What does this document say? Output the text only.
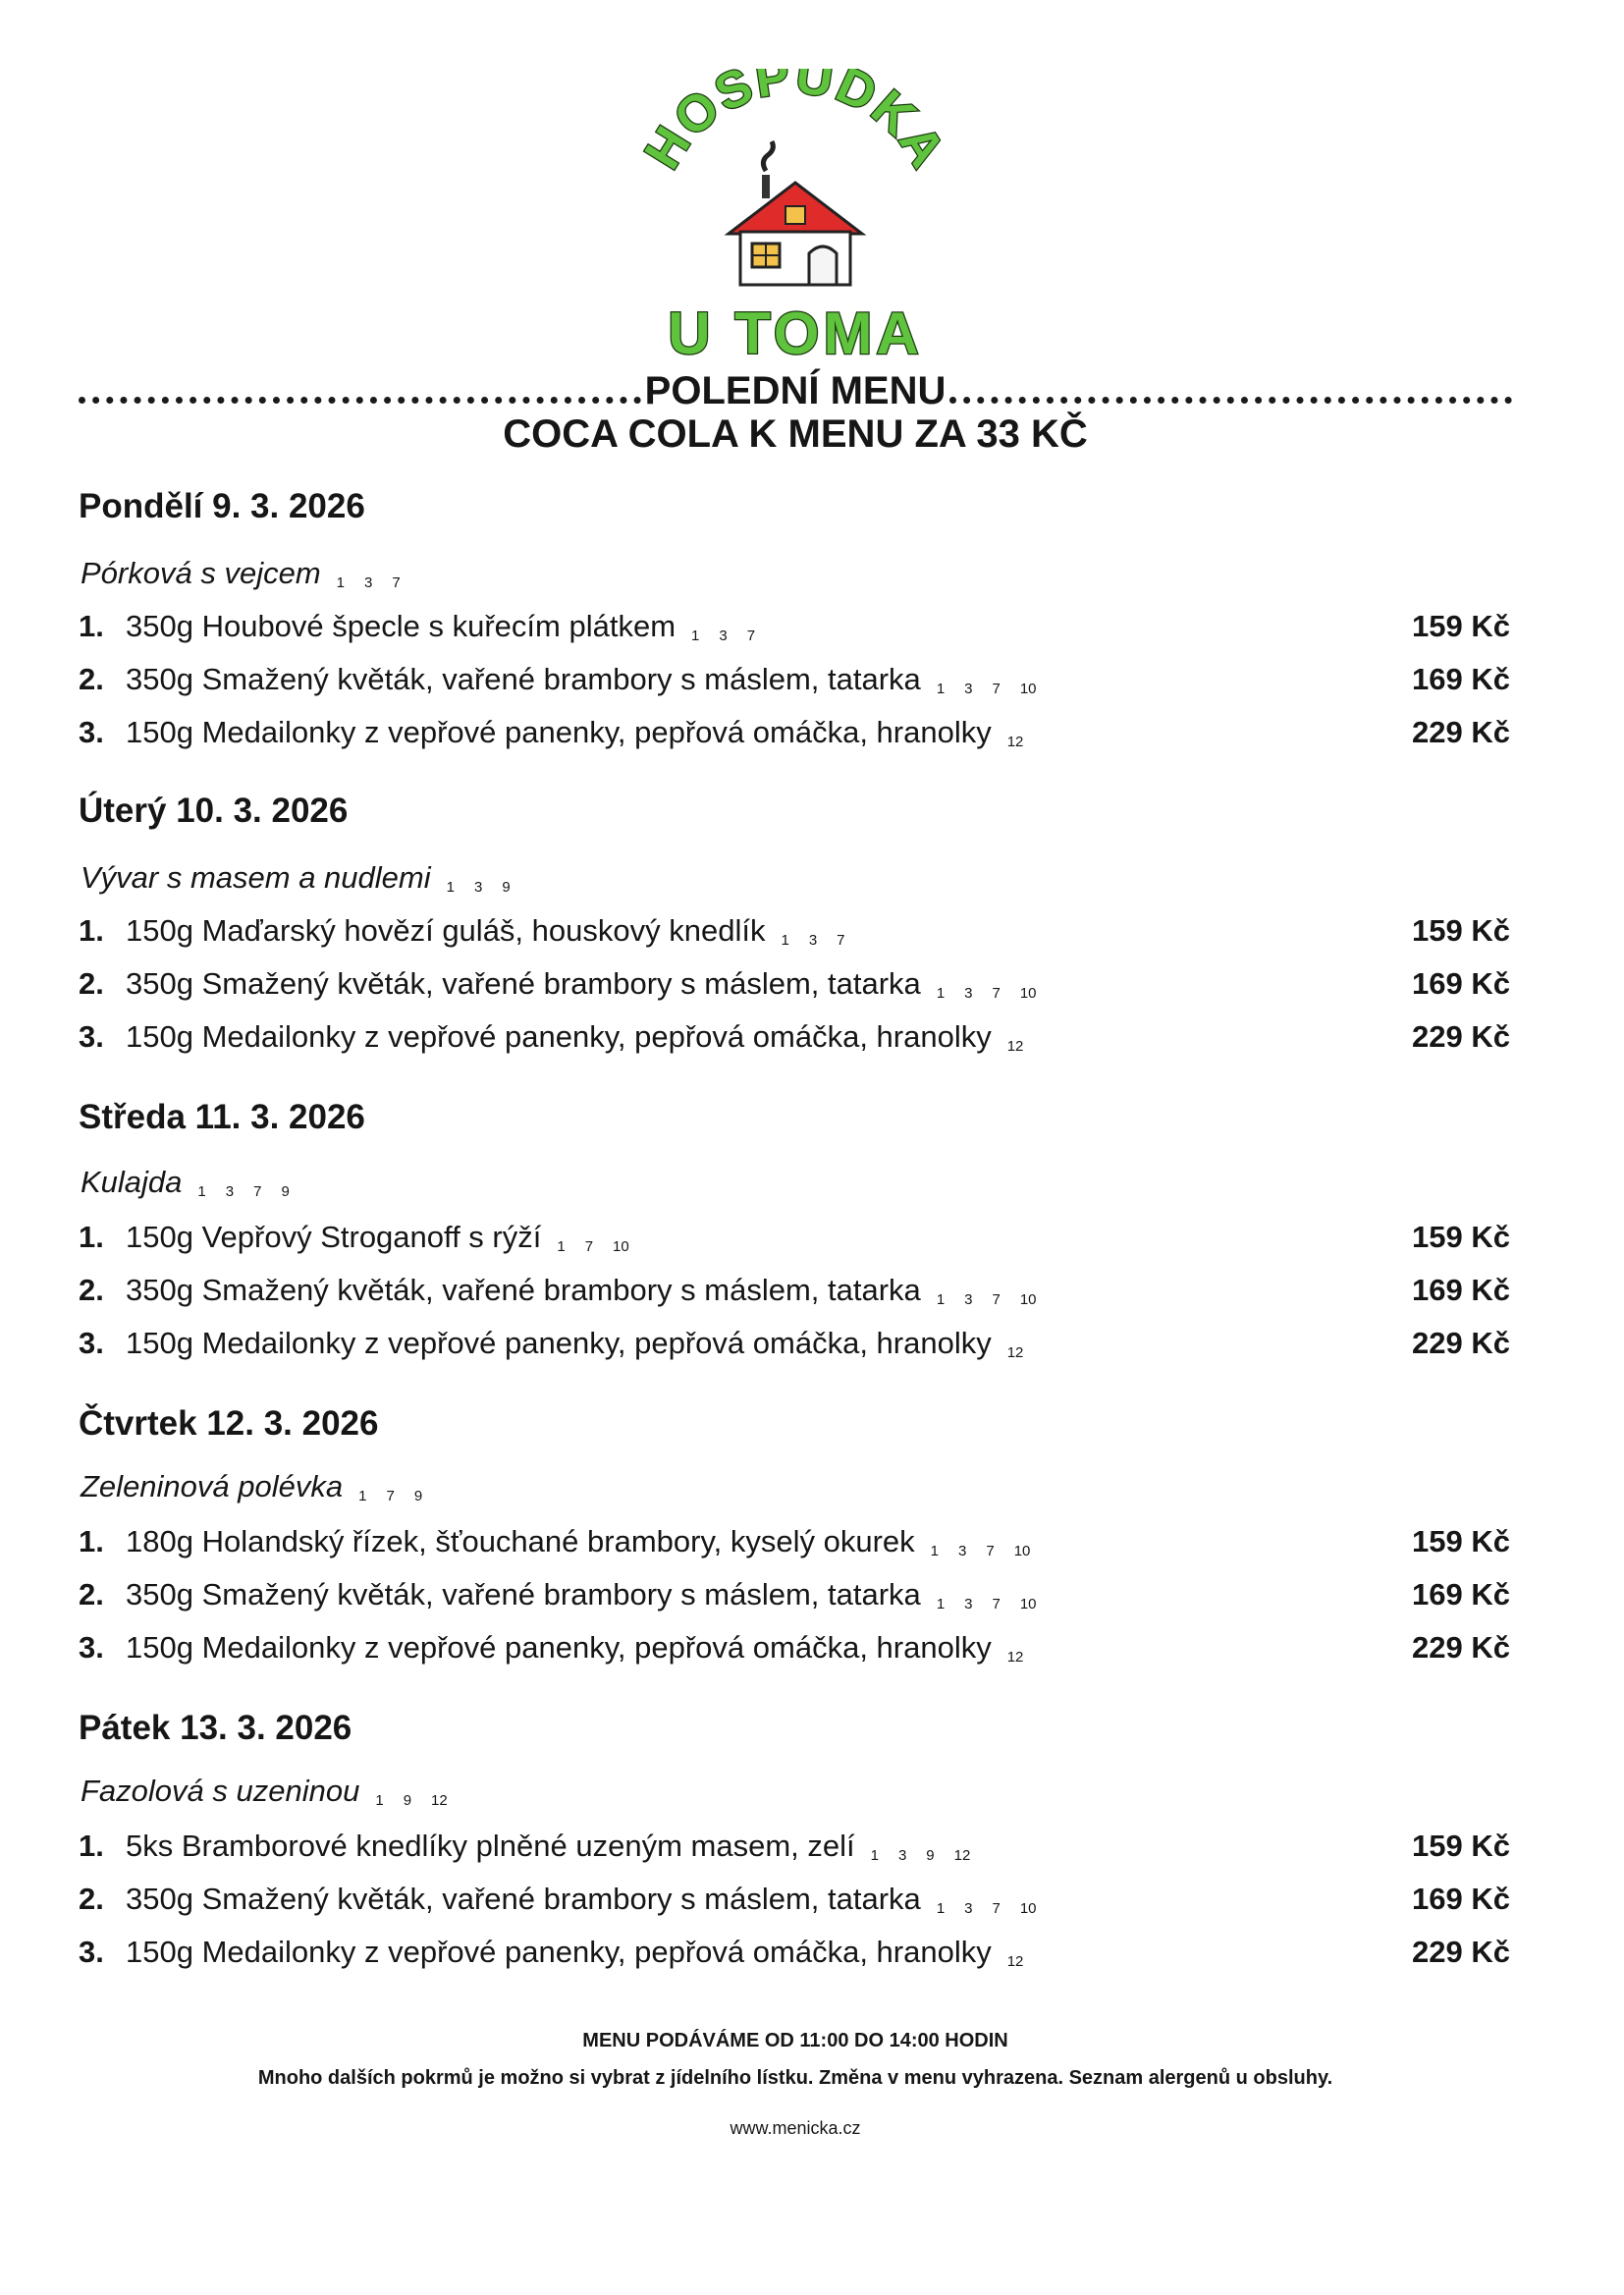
HOSPŮDKA
U TOMA
POLEDNÍ MENU
COCA COLA K MENU ZA 33 KČ
Pondělí 9. 3. 2026
Pórková s vejcem 1 3 7
1. 350g Houbové špecle s kuřecím plátkem 1 3 7	159 Kč
2. 350g Smažený květák, vařené brambory s máslem, tatarka 1 3 7 10	169 Kč
3. 150g Medailonky z vepřové panenky, pepřová omáčka, hranolky 12	229 Kč
Úterý 10. 3. 2026
Vývar s masem a nudlemi 1 3 9
1. 150g Maďarský hovězí guláš, houskový knedlík 1 3 7	159 Kč
2. 350g Smažený květák, vařené brambory s máslem, tatarka 1 3 7 10	169 Kč
3. 150g Medailonky z vepřové panenky, pepřová omáčka, hranolky 12	229 Kč
Středa 11. 3. 2026
Kulajda 1 3 7 9
1. 150g Vepřový Stroganoff s rýží 1 7 10	159 Kč
2. 350g Smažený květák, vařené brambory s máslem, tatarka 1 3 7 10	169 Kč
3. 150g Medailonky z vepřové panenky, pepřová omáčka, hranolky 12	229 Kč
Čtvrtek 12. 3. 2026
Zeleninová polévka 1 7 9
1. 180g Holandský řízek, šťouchané brambory, kyselý okurek 1 3 7 10	159 Kč
2. 350g Smažený květák, vařené brambory s máslem, tatarka 1 3 7 10	169 Kč
3. 150g Medailonky z vepřové panenky, pepřová omáčka, hranolky 12	229 Kč
Pátek 13. 3. 2026
Fazolová s uzeninou 1 9 12
1. 5ks Bramborové knedlíky plněné uzeným masem, zelí 1 3 9 12	159 Kč
2. 350g Smažený květák, vařené brambory s máslem, tatarka 1 3 7 10	169 Kč
3. 150g Medailonky z vepřové panenky, pepřová omáčka, hranolky 12	229 Kč
MENU PODÁVÁME OD 11:00 DO 14:00 HODIN
Mnoho dalších pokrmů je možno si vybrat z jídelního lístku. Změna v menu vyhrazena. Seznam alergenů u obsluhy.
www.menicka.cz
